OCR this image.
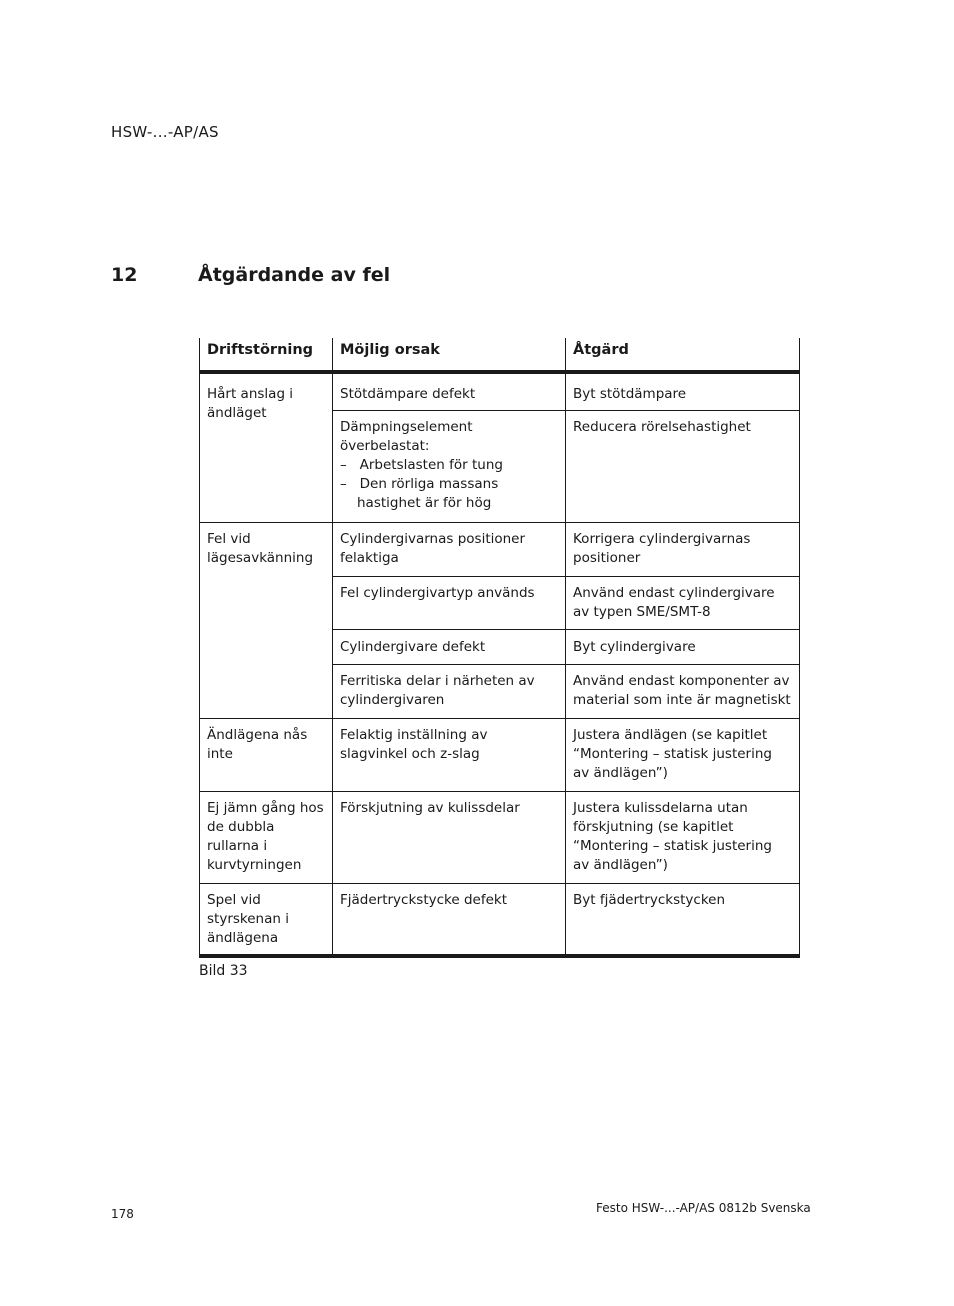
HSW-...-AP/AS
12	Åtgärdande av fel
Driftstörning	Möjlig orsak	Åtgärd
Hårt anslag i ändläget	Stötdämpare defekt	Byt stötdämpare

	Dämpningselement överbelastat:
–   Arbetslasten för tung
–   Den rörliga massans hastighet är för hög	Reducera rörelsehastighet
Fel vid lägesavkänning	Cylindergivarnas positioner felaktiga	Korrigera cylindergivarnas positioner
	Fel cylindergivartyp används	Använd endast cylindergivare av typen SME/SMT-8
	Cylindergivare defekt	Byt cylindergivare
	Ferritiska delar i närheten av cylindergivaren	Använd endast komponenter av material som inte är magnetiskt
Ändlägena nås inte	Felaktig inställning av slagvinkel och z-slag	Justera ändlägen (se kapitlet “Montering – statisk justering av ändlägen”)
Ej jämn gång hos de dubbla rullarna i kurvtyrningen	Förskjutning av kulissdelar	Justera kulissdelarna utan förskjutning (se kapitlet “Montering – statisk justering av ändlägen”)
Spel vid styrskenan i ändlägena	Fjädertryckstycke defekt	Byt fjädertryckstycken
Bild 33
178	Festo HSW-...-AP/AS 0812b Svenska
